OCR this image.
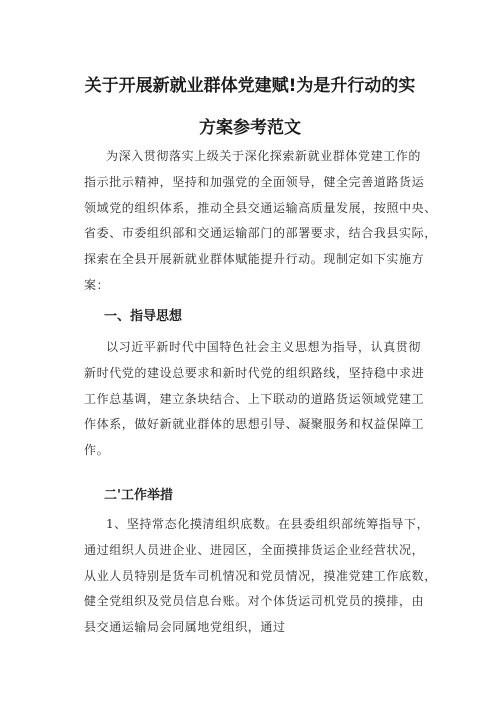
关于开展新就业群体党建赋!为是升行动的实
方案参考范文
为深入贯彻落实上级关于深化探索新就业群体党建工作的
指示批示精神，坚持和加强党的全面领导，健全完善道路货运
领域党的组织体系，推动全县交通运输高质量发展，按照中央、
省委、市委组织部和交通运输部门的部署要求，结合我县实际，
探索在全县开展新就业群体赋能提升行动。现制定如下实施方
案：
一、指导思想
以习近平新时代中国特色社会主义思想为指导，认真贯彻
新时代党的建设总要求和新时代党的组织路线，坚持稳中求进
工作总基调，建立条块结合、上下联动的道路货运领域党建工
作体系，做好新就业群体的思想引导、凝聚服务和权益保障工
作。
二'工作举措
1、坚持常态化摸清组织底数。在县委组织部统筹指导下，
通过组织人员进企业、进园区，全面摸排货运企业经营状况，
从业人员特别是货车司机情况和党员情况，摸准党建工作底数，
健全党组织及党员信息台账。对个体货运司机党员的摸排，由
县交通运输局会同属地党组织，通过
